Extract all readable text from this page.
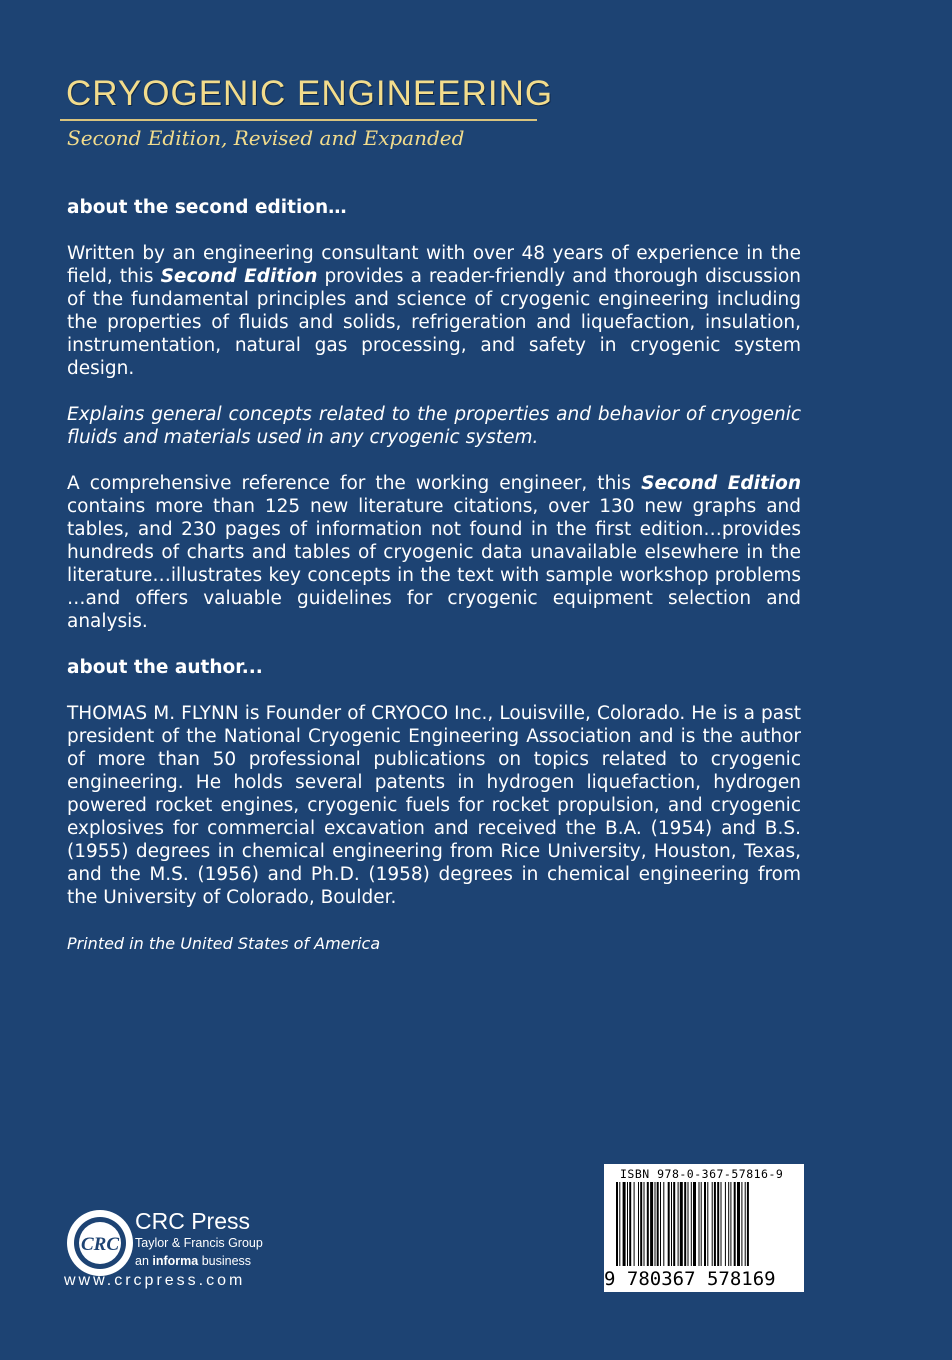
CRYOGENIC ENGINEERING
Second Edition, Revised and Expanded
about the second edition…

Written by an engineering consultant with over 48 years of experience in the field, this Second Edition provides a reader-friendly and thorough discussion of the fundamental principles and science of cryogenic engineering including the properties of fluids and solids, refrigeration and liquefaction, insulation, instrumentation, natural gas processing, and safety in cryogenic system design.

Explains general concepts related to the properties and behavior of cryogenic fluids and materials used in any cryogenic system.

A comprehensive reference for the working engineer, this Second Edition contains more than 125 new literature citations, over 130 new graphs and tables, and 230 pages of information not found in the first edition…provides hundreds of charts and tables of cryogenic data unavailable elsewhere in the literature…illustrates key concepts in the text with sample workshop problems …and offers valuable guidelines for cryogenic equipment selection and analysis.

about the author...

THOMAS M. FLYNN is Founder of CRYOCO Inc., Louisville, Colorado. He is a past president of the National Cryogenic Engineering Association and is the author of more than 50 professional publications on topics related to cryogenic engineering. He holds several patents in hydrogen liquefaction, hydrogen powered rocket engines, cryogenic fuels for rocket propulsion, and cryogenic explosives for commercial excavation and received the B.A. (1954) and B.S. (1955) degrees in chemical engineering from Rice University, Houston, Texas, and the M.S. (1956) and Ph.D. (1958) degrees in chemical engineering from the University of Colorado, Boulder.

Printed in the United States of America

CRC
CRC Press
Taylor & Francis Group
an informa business
www.crcpress.com
ISBN 978-0-367-57816-9
9 780367 578169
